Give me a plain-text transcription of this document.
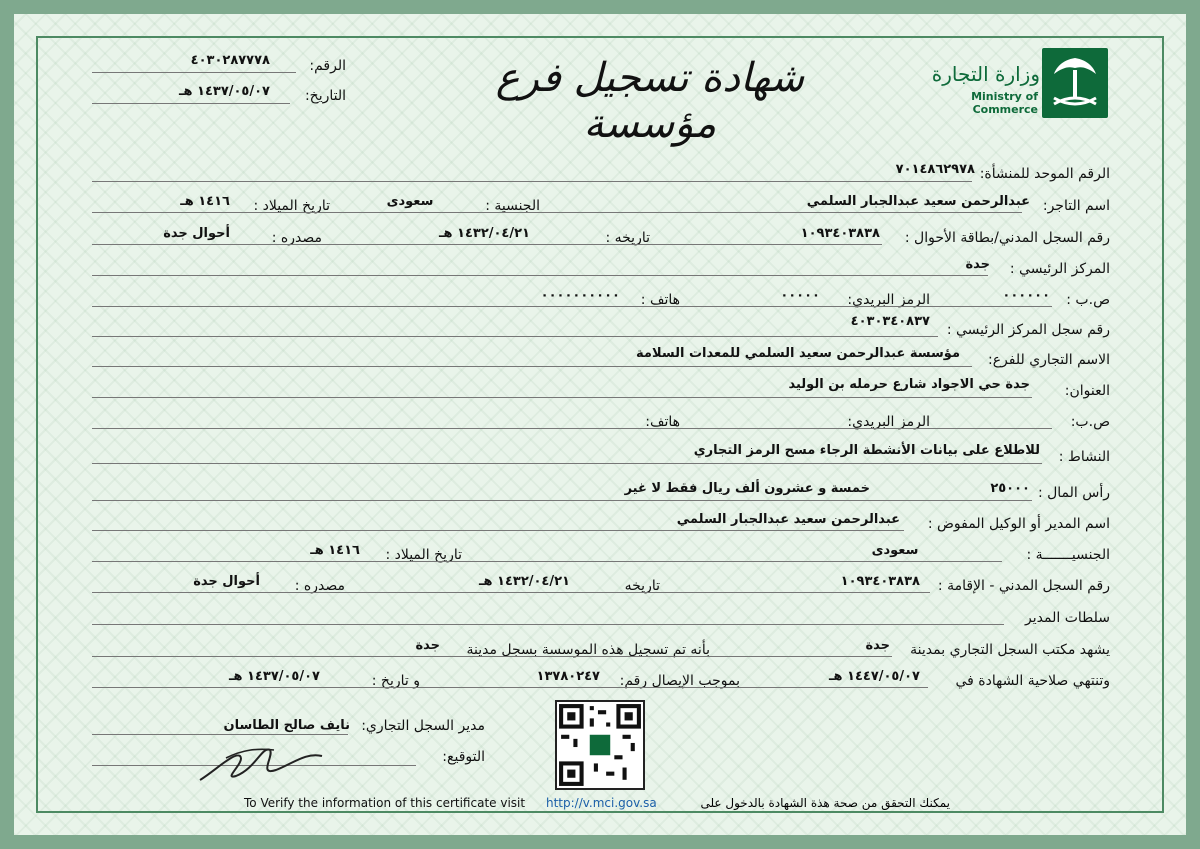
وزارة التجارة
Ministry of Commerce
شهادة تسجيل فرع مؤسسة
الرقم:
٤٠٣٠٢٨٧٧٧٨
التاريخ:
١٤٣٧/٠٥/٠٧ هـ
الرقم الموحد للمنشأة:
٧٠١٤٨٦٢٩٧٨
اسم التاجر:
عبدالرحمن سعيد عبدالجبار السلمي
الجنسية :
سعودى
تاريخ الميلاد :
١٤١٦ هـ
رقم السجل المدني/بطاقة الأحوال :
١٠٩٣٤٠٣٨٣٨
تاريخه :
١٤٣٢/٠٤/٢١ هـ
مصدره :
أحوال جدة
المركز الرئيسي :
جدة
ص.ب :
٠٠٠٠٠٠
الرمز البريدي:
٠٠٠٠٠
هاتف :
٠٠٠٠٠٠٠٠٠٠
رقم سجل المركز الرئيسي :
٤٠٣٠٣٤٠٨٣٧
الاسم التجاري للفرع:
مؤسسة عبدالرحمن سعيد السلمي للمعدات السلامة
العنوان:
جدة حي الاجواد شارع حرمله بن الوليد
ص.ب:
الرمز البريدي:
هاتف:
النشاط :
للاطلاع على بيانات الأنشطة الرجاء مسح الرمز التجاري
رأس المال :
٢٥٠٠٠
خمسة و عشرون ألف ريال فقط لا غير
اسم المدير أو الوكيل المفوض :
عبدالرحمن سعيد عبدالجبار السلمي
الجنسيـــــــة :
سعودى
تاريخ الميلاد :
١٤١٦ هـ
رقم السجل المدني - الإقامة :
١٠٩٣٤٠٣٨٣٨
تاريخه
١٤٣٢/٠٤/٢١ هـ
مصدره :
أحوال جدة
سلطات المدير
يشهد مكتب السجل التجاري بمدينة
جدة
بأنه تم تسجيل هذه الموسسة بسجل مدينة
جدة
وتنتهي صلاحية الشهادة في
١٤٤٧/٠٥/٠٧ هـ
بموجب الإيصال رقم:
١٣٧٨٠٢٤٧
و تاريخ :
١٤٣٧/٠٥/٠٧ هـ
مدير السجل التجاري:
نايف صالح الطاسان
التوقيع:
To Verify the information of this certificate visit http://v.mci.gov.sa	يمكنك التحقق من صحة هذة الشهادة بالدخول على
